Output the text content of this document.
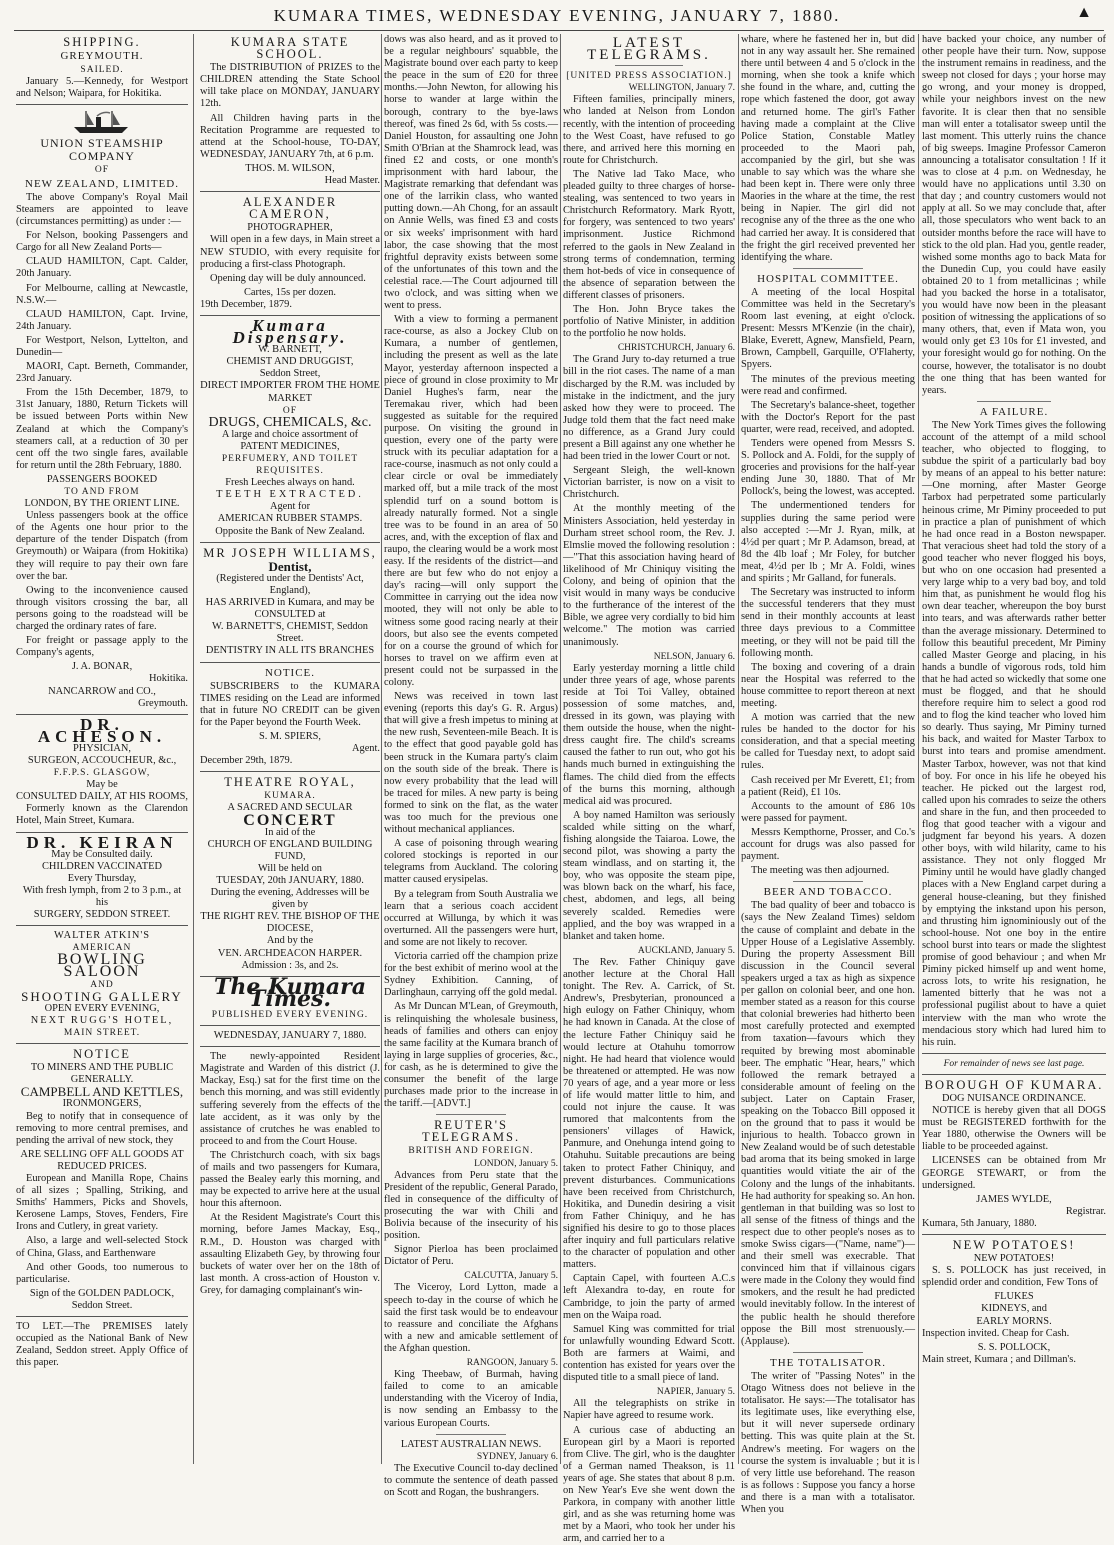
KUMARA TIMES, WEDNESDAY EVENING, JANUARY 7, 1880.	▲
SHIPPING.
GREYMOUTH.
SAILED.

January 5.—Kennedy, for Westport and Nelson; Waipara, for Hokitika.

UNION STEAMSHIP COMPANY
OF
NEW ZEALAND, LIMITED.

The above Company's Royal Mail Steamers are appointed to leave (circumstances permitting) as under :—

For Nelson, booking Passengers and Cargo for all New Zealand Ports—

CLAUD HAMILTON, Capt. Calder, 20th January.

For Melbourne, calling at Newcastle, N.S.W.—

CLAUD HAMILTON, Capt. Irvine, 24th January.

For Westport, Nelson, Lyttelton, and Dunedin—

MAORI, Capt. Berneth, Commander, 23rd January.

From the 15th December, 1879, to 31st January, 1880, Return Tickets will be issued between Ports within New Zealand at which the Company's steamers call, at a reduction of 30 per cent off the two single fares, available for return until the 28th February, 1880.

PASSENGERS BOOKED
TO AND FROM
LONDON, BY THE ORIENT LINE.

Unless passengers book at the office of the Agents one hour prior to the departure of the tender Dispatch (from Greymouth) or Waipara (from Hokitika) they will require to pay their own fare over the bar.

Owing to the inconvenience caused through visitors crossing the bar, all persons going to the roadstead will be charged the ordinary rates of fare.

For freight or passage apply to the Company's agents,

J. A. BONAR,
Hokitika.
NANCARROW and CO.,
Greymouth.
DR. ACHESON.
PHYSICIAN,
SURGEON, ACCOUCHEUR, &c.,
F.F.P.S. GLASGOW,
May be
CONSULTED DAILY, AT HIS ROOMS,

Formerly known as the Clarendon Hotel, Main Street, Kumara.

DR. KEIRAN
May be Consulted daily.
CHILDREN VACCINATED
Every Thursday,
With fresh lymph, from 2 to 3 p.m., at his
SURGERY, SEDDON STREET.
WALTER ATKIN'S
AMERICAN
BOWLING SALOON
AND
SHOOTING GALLERY
OPEN EVERY EVENING,
NEXT RUGG'S HOTEL,
MAIN STREET.
NOTICE
TO MINERS AND THE PUBLIC GENERALLY.
CAMPBELL AND KETTLES,
IRONMONGERS,

Beg to notify that in consequence of removing to more central premises, and pending the arrival of new stock, they

ARE SELLING OFF ALL GOODS AT REDUCED PRICES.

European and Manilla Rope, Chains of all sizes ; Spalling, Striking, and Smiths' Hammers, Picks and Shovels, Kerosene Lamps, Stoves, Fenders, Fire Irons and Cutlery, in great variety.

Also, a large and well-selected Stock of China, Glass, and Earthenware

And other Goods, too numerous to particularise.

Sign of the GOLDEN PADLOCK, Seddon Street.

TO LET.—The PREMISES lately occupied as the National Bank of New Zealand, Seddon street. Apply Office of this paper.

KUMARA STATE SCHOOL.

The DISTRIBUTION of PRIZES to the CHILDREN attending the State School will take place on MONDAY, JANUARY 12th.

All Children having parts in the Recitation Programme are requested to attend at the School-house, TO-DAY, WEDNESDAY, JANUARY 7th, at 6 p.m.

THOS. M. WILSON,
Head Master.
ALEXANDER CAMERON,
PHOTOGRAPHER,

Will open in a few days, in Main street a NEW STUDIO, with every requisite for producing a first-class Photograph.

Opening day will be duly announced.

Cartes, 15s per dozen.
19th December, 1879.
Kumara Dispensary.
W. BARNETT,
CHEMIST AND DRUGGIST,
Seddon Street,
DIRECT IMPORTER FROM THE HOME MARKET
OF
DRUGS, CHEMICALS, &c.
A large and choice assortment of
PATENT MEDICINES,
PERFUMERY, AND TOILET REQUISITES.
Fresh Leeches always on hand.
TEETH EXTRACTED.
Agent for
AMERICAN RUBBER STAMPS.
Opposite the Bank of New Zealand.
MR JOSEPH WILLIAMS,
Dentist,
(Registered under the Dentists' Act, England),
HAS ARRIVED in Kumara, and may be CONSULTED at
W. BARNETT'S, CHEMIST, Seddon Street.
DENTISTRY IN ALL ITS BRANCHES
NOTICE.

SUBSCRIBERS to the KUMARA TIMES residing on the Lead are informed that in future NO CREDIT can be given for the Paper beyond the Fourth Week.

S. M. SPIERS,
Agent.
December 29th, 1879.
THEATRE ROYAL,
KUMARA.
A SACRED AND SECULAR
CONCERT
In aid of the
CHURCH OF ENGLAND BUILDING FUND,
Will be held on
TUESDAY, 20th JANUARY, 1880.
During the evening, Addresses will be given by
THE RIGHT REV. THE BISHOP OF THE DIOCESE,
And by the
VEN. ARCHDEACON HARPER.
Admission : 3s, and 2s.
The Kumara Times.
PUBLISHED EVERY EVENING.
WEDNESDAY, JANUARY 7, 1880.

The newly-appointed Resident Magistrate and Warden of this district (J. Mackay, Esq.) sat for the first time on the bench this morning, and was still evidently suffering severely from the effects of the late accident, as it was only by the assistance of crutches he was enabled to proceed to and from the Court House.

The Christchurch coach, with six bags of mails and two passengers for Kumara, passed the Bealey early this morning, and may be expected to arrive here at the usual hour this afternoon.

At the Resident Magistrate's Court this morning, before James Mackay, Esq., R.M., D. Houston was charged with assaulting Elizabeth Gey, by throwing four buckets of water over her on the 18th of last month. A cross-action of Houston v. Grey, for damaging complainant's win-

dows was also heard, and as it proved to be a regular neighbours' squabble, the Magistrate bound over each party to keep the peace in the sum of £20 for three months.—John Newton, for allowing his horse to wander at large within the borough, contrary to the bye-laws thereof, was fined 2s 6d, with 5s costs.—Daniel Houston, for assaulting one John Smith O'Brian at the Shamrock lead, was fined £2 and costs, or one month's imprisonment with hard labour, the Magistrate remarking that defendant was one of the larrikin class, who wanted putting down.—Ah Chong, for an assault on Annie Wells, was fined £3 and costs or six weeks' imprisonment with hard labor, the case showing that the most frightful depravity exists between some of the unfortunates of this town and the celestial race.—The Court adjourned till two o'clock, and was sitting when we went to press.

With a view to forming a permanent race-course, as also a Jockey Club on Kumara, a number of gentlemen, including the present as well as the late Mayor, yesterday afternoon inspected a piece of ground in close proximity to Mr Daniel Hughes's farm, near the Teremakau river, which had been suggested as suitable for the required purpose. On visiting the ground in question, every one of the party were struck with its peculiar adaptation for a race-course, inasmuch as not only could a clear circle or oval be immediately marked off, but a mile track of the most splendid turf on a sound bottom is already naturally formed. Not a single tree was to be found in an area of 50 acres, and, with the exception of flax and raupo, the clearing would be a work most easy. If the residents of the district—and there are but few who do not enjoy a day's racing—will only support the Committee in carrying out the idea now mooted, they will not only be able to witness some good racing nearly at their doors, but also see the events competed for on a course the ground of which for horses to travel on we affirm even at present could not be surpassed in the colony.

News was received in town last evening (reports this day's G. R. Argus) that will give a fresh impetus to mining at the new rush, Seventeen-mile Beach. It is to the effect that good payable gold has been struck in the Kumara party's claim on the south side of the break. There is now every probability that the lead will be traced for miles. A new party is being formed to sink on the flat, as the water was too much for the previous one without mechanical appliances.

A case of poisoning through wearing colored stockings is reported in our telegrams from Auckland. The coloring matter caused erysipelas.

By a telegram from South Australia we learn that a serious coach accident occurred at Willunga, by which it was overturned. All the passengers were hurt, and some are not likely to recover.

Victoria carried off the champion prize for the best exhibit of merino wool at the Sydney Exhibition. Canning, of Darlinghaun, carrying off the gold medal.

As Mr Duncan M'Lean, of Greymouth, is relinquishing the wholesale business, heads of families and others can enjoy the same facility at the Kumara branch of laying in large supplies of groceries, &c., for cash, as he is determined to give the consumer the benefit of the large purchases made prior to the increase in the tariff.—[ADVT.]

REUTER'S TELEGRAMS.
BRITISH AND FOREIGN.
LONDON, January 5.

Advances from Peru state that the President of the republic, General Parado, fled in consequence of the difficulty of prosecuting the war with Chili and Bolivia because of the insecurity of his position.

Signor Pierloa has been proclaimed Dictator of Peru.

CALCUTTA, January 5.

The Viceroy, Lord Lytton, made a speech to-day in the course of which he said the first task would be to endeavour to reassure and conciliate the Afghans with a new and amicable settlement of the Afghan question.

RANGOON, January 5.

King Theebaw, of Burmah, having failed to come to an amicable understanding with the Viceroy of India, is now sending an Embassy to the various European Courts.

LATEST AUSTRALIAN NEWS.
SYDNEY, January 6.

The Executive Council to-day declined to commute the sentence of death passed on Scott and Rogan, the bushrangers.

LATEST TELEGRAMS.
[UNITED PRESS ASSOCIATION.]
WELLINGTON, January 7.

Fifteen families, principally miners, who landed at Nelson from London recently, with the intention of proceeding to the West Coast, have refused to go there, and arrived here this morning en route for Christchurch.

The Native lad Tako Mace, who pleaded guilty to three charges of horse-stealing, was sentenced to two years in Christchurch Reformatory. Mark Ryott, for forgery, was sentenced to two years' imprisonment. Justice Richmond referred to the gaols in New Zealand in strong terms of condemnation, terming them hot-beds of vice in consequence of the absence of separation between the different classes of prisoners.

The Hon. John Bryce takes the portfolio of Native Minister, in addition to the portfolio he now holds.

CHRISTCHURCH, January 6.

The Grand Jury to-day returned a true bill in the riot cases. The name of a man discharged by the R.M. was included by mistake in the indictment, and the jury asked how they were to proceed. The Judge told them that the fact need make no difference, as a Grand Jury could present a Bill against any one whether he had been tried in the lower Court or not.

Sergeant Sleigh, the well-known Victorian barrister, is now on a visit to Christchurch.

At the monthly meeting of the Ministers Association, held yesterday in Durham street school room, the Rev. J. Elmslie moved the following resolution :—"That this association having heard of likelihood of Mr Chiniquy visiting the Colony, and being of opinion that the visit would in many ways be conducive to the furtherance of the interest of the Bible, we agree very cordially to bid him welcome." The motion was carried unanimously.

NELSON, January 6.

Early yesterday morning a little child under three years of age, whose parents reside at Toi Toi Valley, obtained possession of some matches, and, dressed in its gown, was playing with them outside the house, when the night-dress caught fire. The child's screams caused the father to run out, who got his hands much burned in extinguishing the flames. The child died from the effects of the burns this morning, although medical aid was procured.

A boy named Hamilton was seriously scalded while sitting on the wharf, fishing alongside the Taiaroa. Lowe, the second pilot, was showing a party the steam windlass, and on starting it, the boy, who was opposite the steam pipe, was blown back on the wharf, his face, chest, abdomen, and legs, all being severely scalded. Remedies were applied, and the boy was wrapped in a blanket and taken home.

AUCKLAND, January 5.

The Rev. Father Chiniquy gave another lecture at the Choral Hall tonight. The Rev. A. Carrick, of St. Andrew's, Presbyterian, pronounced a high eulogy on Father Chiniquy, whom he had known in Canada. At the close of the lecture Father Chiniquy said he would lecture at Otahuhu tomorrow night. He had heard that violence would be threatened or attempted. He was now 70 years of age, and a year more or less of life would matter little to him, and could not injure the cause. It was rumored that malcontents from the pensioners' villages of Hawick, Panmure, and Onehunga intend going to Otahuhu. Suitable precautions are being taken to protect Father Chiniquy, and prevent disturbances. Communications have been received from Christchurch, Hokitika, and Dunedin desiring a visit from Father Chiniquy, and he has signified his desire to go to those places after inquiry and full particulars relative to the character of population and other matters.

Captain Capel, with fourteen A.C.s left Alexandra to-day, en route for Cambridge, to join the party of armed men on the Waipa road.

Samuel King was committed for trial for unlawfully wounding Edward Scott. Both are farmers at Waimi, and contention has existed for years over the disputed title to a small piece of land.

NAPIER, January 5.

All the telegraphists on strike in Napier have agreed to resume work.

A curious case of abducting an European girl by a Maori is reported from Clive. The girl, who is the daughter of a German named Theakson, is 11 years of age. She states that about 8 p.m. on New Year's Eve she went down the Parkora, in company with another little girl, and as she was returning home was met by a Maori, who took her under his arm, and carried her to a

whare, where he fastened her in, but did not in any way assault her. She remained there until between 4 and 5 o'clock in the morning, when she took a knife which she found in the whare, and, cutting the rope which fastened the door, got away and returned home. The girl's Father having made a complaint at the Clive Police Station, Constable Matley proceeded to the Maori pah, accompanied by the girl, but she was unable to say which was the whare she had been kept in. There were only three Maories in the whare at the time, the rest being in Napier. The girl did not recognise any of the three as the one who had carried her away. It is considered that the fright the girl received prevented her identifying the whare.

HOSPITAL COMMITTEE.

A meeting of the local Hospital Committee was held in the Secretary's Room last evening, at eight o'clock. Present: Messrs M'Kenzie (in the chair), Blake, Everett, Agnew, Mansfield, Pearn, Brown, Campbell, Garquille, O'Flaherty, Spyers.

The minutes of the previous meeting were read and confirmed.

The Secretary's balance-sheet, together with the Doctor's Report for the past quarter, were read, received, and adopted.

Tenders were opened from Messrs S. S. Pollock and A. Foldi, for the supply of groceries and provisions for the half-year ending June 30, 1880. That of Mr Pollock's, being the lowest, was accepted.

The undermentioned tenders for supplies during the same period were also accepted :—Mr J. Ryan, milk, at 4½d per quart ; Mr P. Adamson, bread, at 8d the 4lb loaf ; Mr Foley, for butcher meat, 4½d per lb ; Mr A. Foldi, wines and spirits ; Mr Galland, for funerals.

The Secretary was instructed to inform the successful tenderers that they must send in their monthly accounts at least three days previous to a Committee meeting, or they will not be paid till the following month.

The boxing and covering of a drain near the Hospital was referred to the house committee to report thereon at next meeting.

A motion was carried that the new rules be handed to the doctor for his consideration, and that a special meeting be called for Tuesday next, to adopt said rules.

Cash received per Mr Everett, £1; from a patient (Reid), £1 10s.

Accounts to the amount of £86 10s were passed for payment.

Messrs Kempthorne, Prosser, and Co.'s account for drugs was also passed for payment.

The meeting was then adjourned.

BEER AND TOBACCO.

The bad quality of beer and tobacco is (says the New Zealand Times) seldom the cause of complaint and debate in the Upper House of a Legislative Assembly. During the property Assessment Bill discussion in the Council several speakers urged a tax as high as sixpence per gallon on colonial beer, and one hon. member stated as a reason for this course that colonial breweries had hitherto been most carefully protected and exempted from taxation—favours which they requited by brewing most abominable beer. The emphatic "Hear, hears," which followed the remark betrayed a considerable amount of feeling on the subject. Later on Captain Fraser, speaking on the Tobacco Bill opposed it on the ground that to pass it would be injurious to health. Tobacco grown in New Zealand would be of such detestable bad aroma that its being smoked in large quantities would vitiate the air of the Colony and the lungs of the inhabitants. He had authority for speaking so. An hon. gentleman in that building was so lost to all sense of the fitness of things and the respect due to other people's noses as to smoke Swiss cigars—("Name, name")—and their smell was execrable. That convinced him that if villainous cigars were made in the Colony they would find smokers, and the result he had predicted would inevitably follow. In the interest of the public health he should therefore oppose the Bill most strenuously.—(Applause).

THE TOTALISATOR.

The writer of "Passing Notes" in the Otago Witness does not believe in the totalisator. He says:—The totalisator has its legitimate uses, like everything else, but it will never supersede ordinary betting. This was quite plain at the St. Andrew's meeting. For wagers on the course the system is invaluable ; but it is of very little use beforehand. The reason is as follows : Suppose you fancy a horse and there is a man with a totalisator. When you

have backed your choice, any number of other people have their turn. Now, suppose the instrument remains in readiness, and the sweep not closed for days ; your horse may go wrong, and your money is dropped, while your neighbors invest on the new favorite. It is clear then that no sensible man will enter a totalisator sweep until the last moment. This utterly ruins the chance of big sweeps. Imagine Professor Cameron announcing a totalisator consultation ! If it was to close at 4 p.m. on Wednesday, he would have no applications until 3.30 on that day ; and country customers would not apply at all. So we may conclude that, after all, those speculators who went back to an outsider months before the race will have to stick to the old plan. Had you, gentle reader, wished some months ago to back Mata for the Dunedin Cup, you could have easily obtained 20 to 1 from metallicinas ; while had you backed the horse in a totalisator, you would have now been in the pleasant position of witnessing the applications of so many others, that, even if Mata won, you would only get £3 10s for £1 invested, and your foresight would go for nothing. On the course, however, the totalisator is no doubt the one thing that has been wanted for years.

A FAILURE.

The New York Times gives the following account of the attempt of a mild school teacher, who objected to flogging, to subdue the spirit of a particularly bad boy by means of an appeal to his better nature:—One morning, after Master George Tarbox had perpetrated some particularly heinous crime, Mr Piminy proceeded to put in practice a plan of punishment of which he had once read in a Boston newspaper. That veracious sheet had told the story of a good teacher who never flogged his boys, but who on one occasion had presented a very large whip to a very bad boy, and told him that, as punishment he would flog his own dear teacher, whereupon the boy burst into tears, and was afterwards rather better than the average missionary. Determined to follow this beautiful precedent, Mr Piminy called Master George and placing, in his hands a bundle of vigorous rods, told him that he had acted so wickedly that some one must be flogged, and that he should therefore require him to select a good rod and to flog the kind teacher who loved him so dearly. Thus saying, Mr Piminy turned his back, and waited for Master Tarbox to burst into tears and promise amendment. Master Tarbox, however, was not that kind of boy. For once in his life he obeyed his teacher. He picked out the largest rod, called upon his comrades to seize the others and share in the fun, and then proceeded to flog that good teacher with a vigour and judgment far beyond his years. A dozen other boys, with wild hilarity, came to his assistance. They not only flogged Mr Piminy until he would have gladly changed places with a New England carpet during a general house-cleaning, but they finished by emptying the inkstand upon his person, and thrusting him ignominiously out of the school-house. Not one boy in the entire school burst into tears or made the slightest promise of good behaviour ; and when Mr Piminy picked himself up and went home, across lots, to write his resignation, he lamented bitterly that he was not a professional pugilist about to have a quiet interview with the man who wrote the mendacious story which had lured him to his ruin.

For remainder of news see last page.
BOROUGH OF KUMARA.
DOG NUISANCE ORDINANCE.

NOTICE is hereby given that all DOGS must be REGISTERED forthwith for the Year 1880, otherwise the Owners will be liable to be proceeded against.

LICENSES can be obtained from Mr GEORGE STEWART, or from the undersigned.

JAMES WYLDE,
Registrar.
Kumara, 5th January, 1880.
NEW POTATOES!
NEW POTATOES!

S. S. POLLOCK has just received, in splendid order and condition, Few Tons of

FLUKES
KIDNEYS, and
EARLY MORNS.

Inspection invited. Cheap for Cash.

S. S. POLLOCK,
Main street, Kumara ; and Dillman's.
